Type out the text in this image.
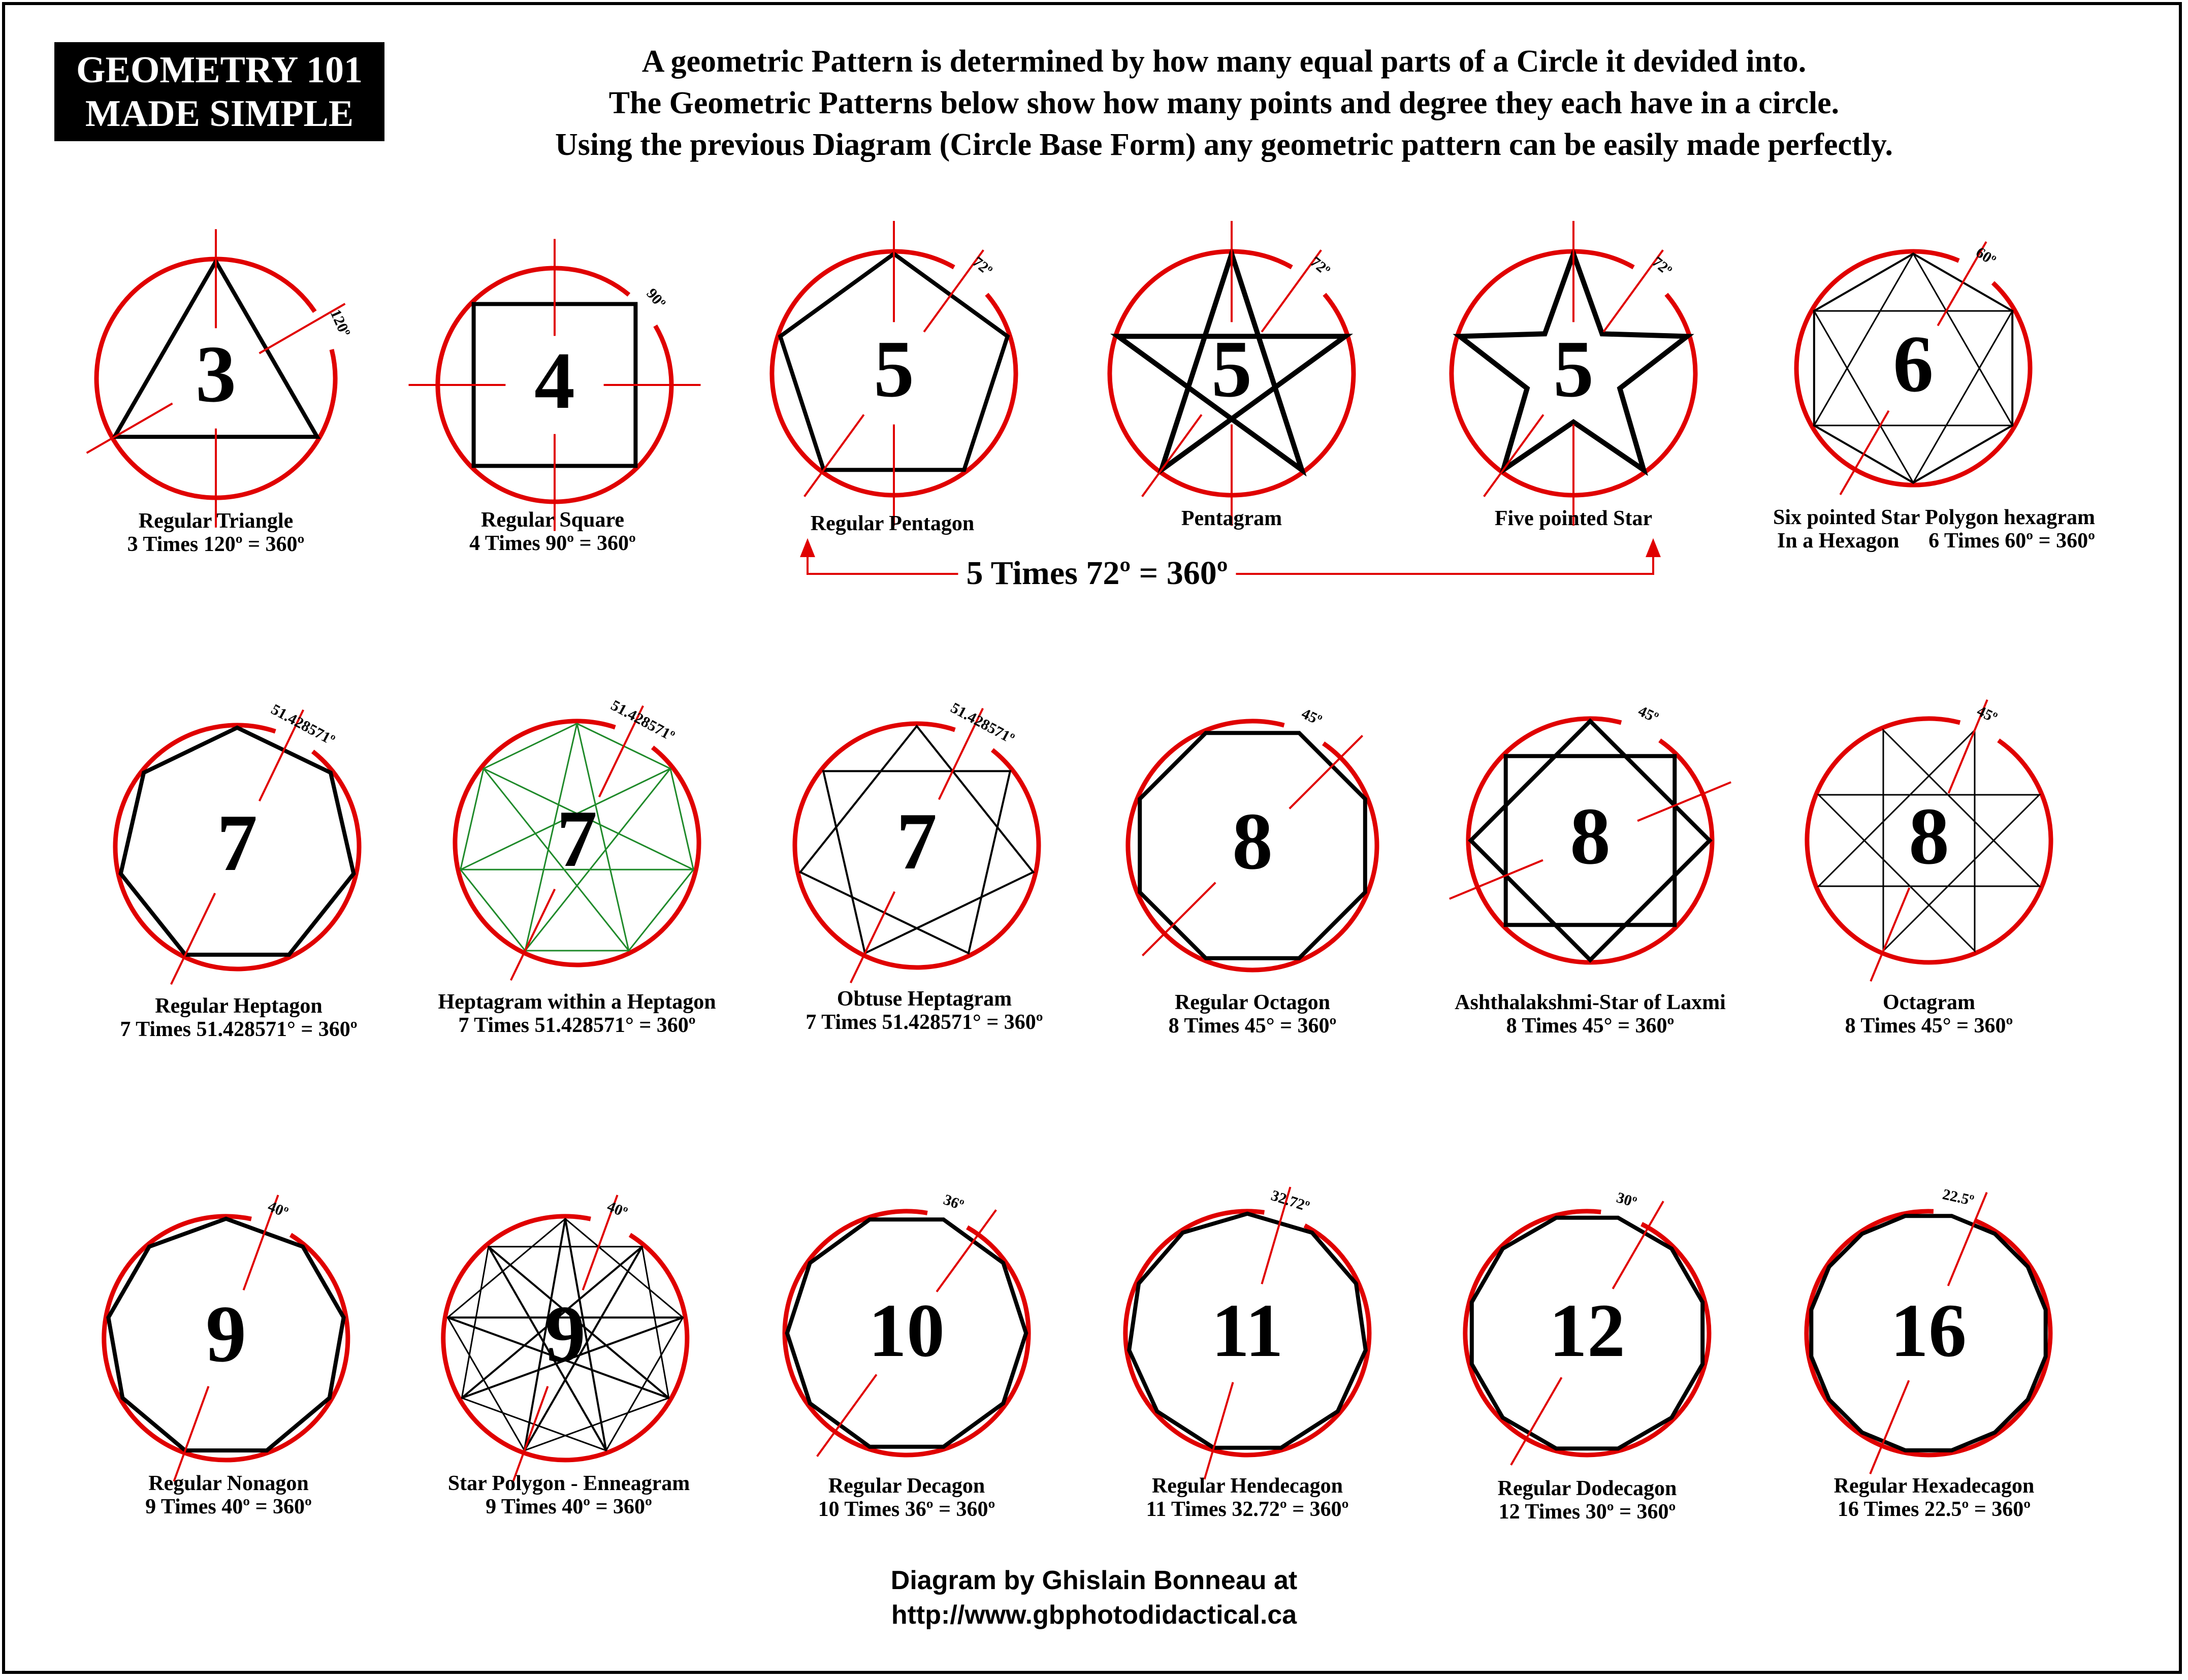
GEOMETRY 101
MADE SIMPLE
A geometric Pattern is determined by how many equal parts of a Circle it devided into.
The Geometric Patterns below show how many points and degree they each have in a circle.
Using the previous Diagram (Circle Base Form) any geometric pattern can be easily made perfectly.
3
120º
4
90º
5
72º
5
72º
5
72º
6
60º
7
51.428571º
7
51.428571º
7
51.428571º
8
45º
8
45º
8
45º
9
40º
9
40º
10
36º
11
32.72º
12
30º
16
22.5º
5 Times 72º = 360º
Regular Triangle
3 Times 120º = 360º
Regular Square
4 Times 90º = 360º
Regular Pentagon	Pentagram	Five pointed Star	Six pointed Star Polygon hexagram
In a Hexagon 6 Times 60º = 360º
Regular Heptagon
7 Times 51.428571° = 360º
Heptagram within a Heptagon
7 Times 51.428571° = 360º
Obtuse Heptagram
7 Times 51.428571° = 360º
Regular Octagon
8 Times 45° = 360º
Ashthalakshmi-Star of Laxmi
8 Times 45° = 360º
Octagram
8 Times 45° = 360º
Regular Nonagon
9 Times 40º = 360º
Star Polygon - Enneagram
9 Times 40º = 360º
Regular Decagon
10 Times 36º = 360º
Regular Hendecagon
11 Times 32.72º = 360º
Regular Dodecagon
12 Times 30º = 360º
Regular Hexadecagon
16 Times 22.5º = 360º
Diagram by Ghislain Bonneau at
http://www.gbphotodidactical.ca
